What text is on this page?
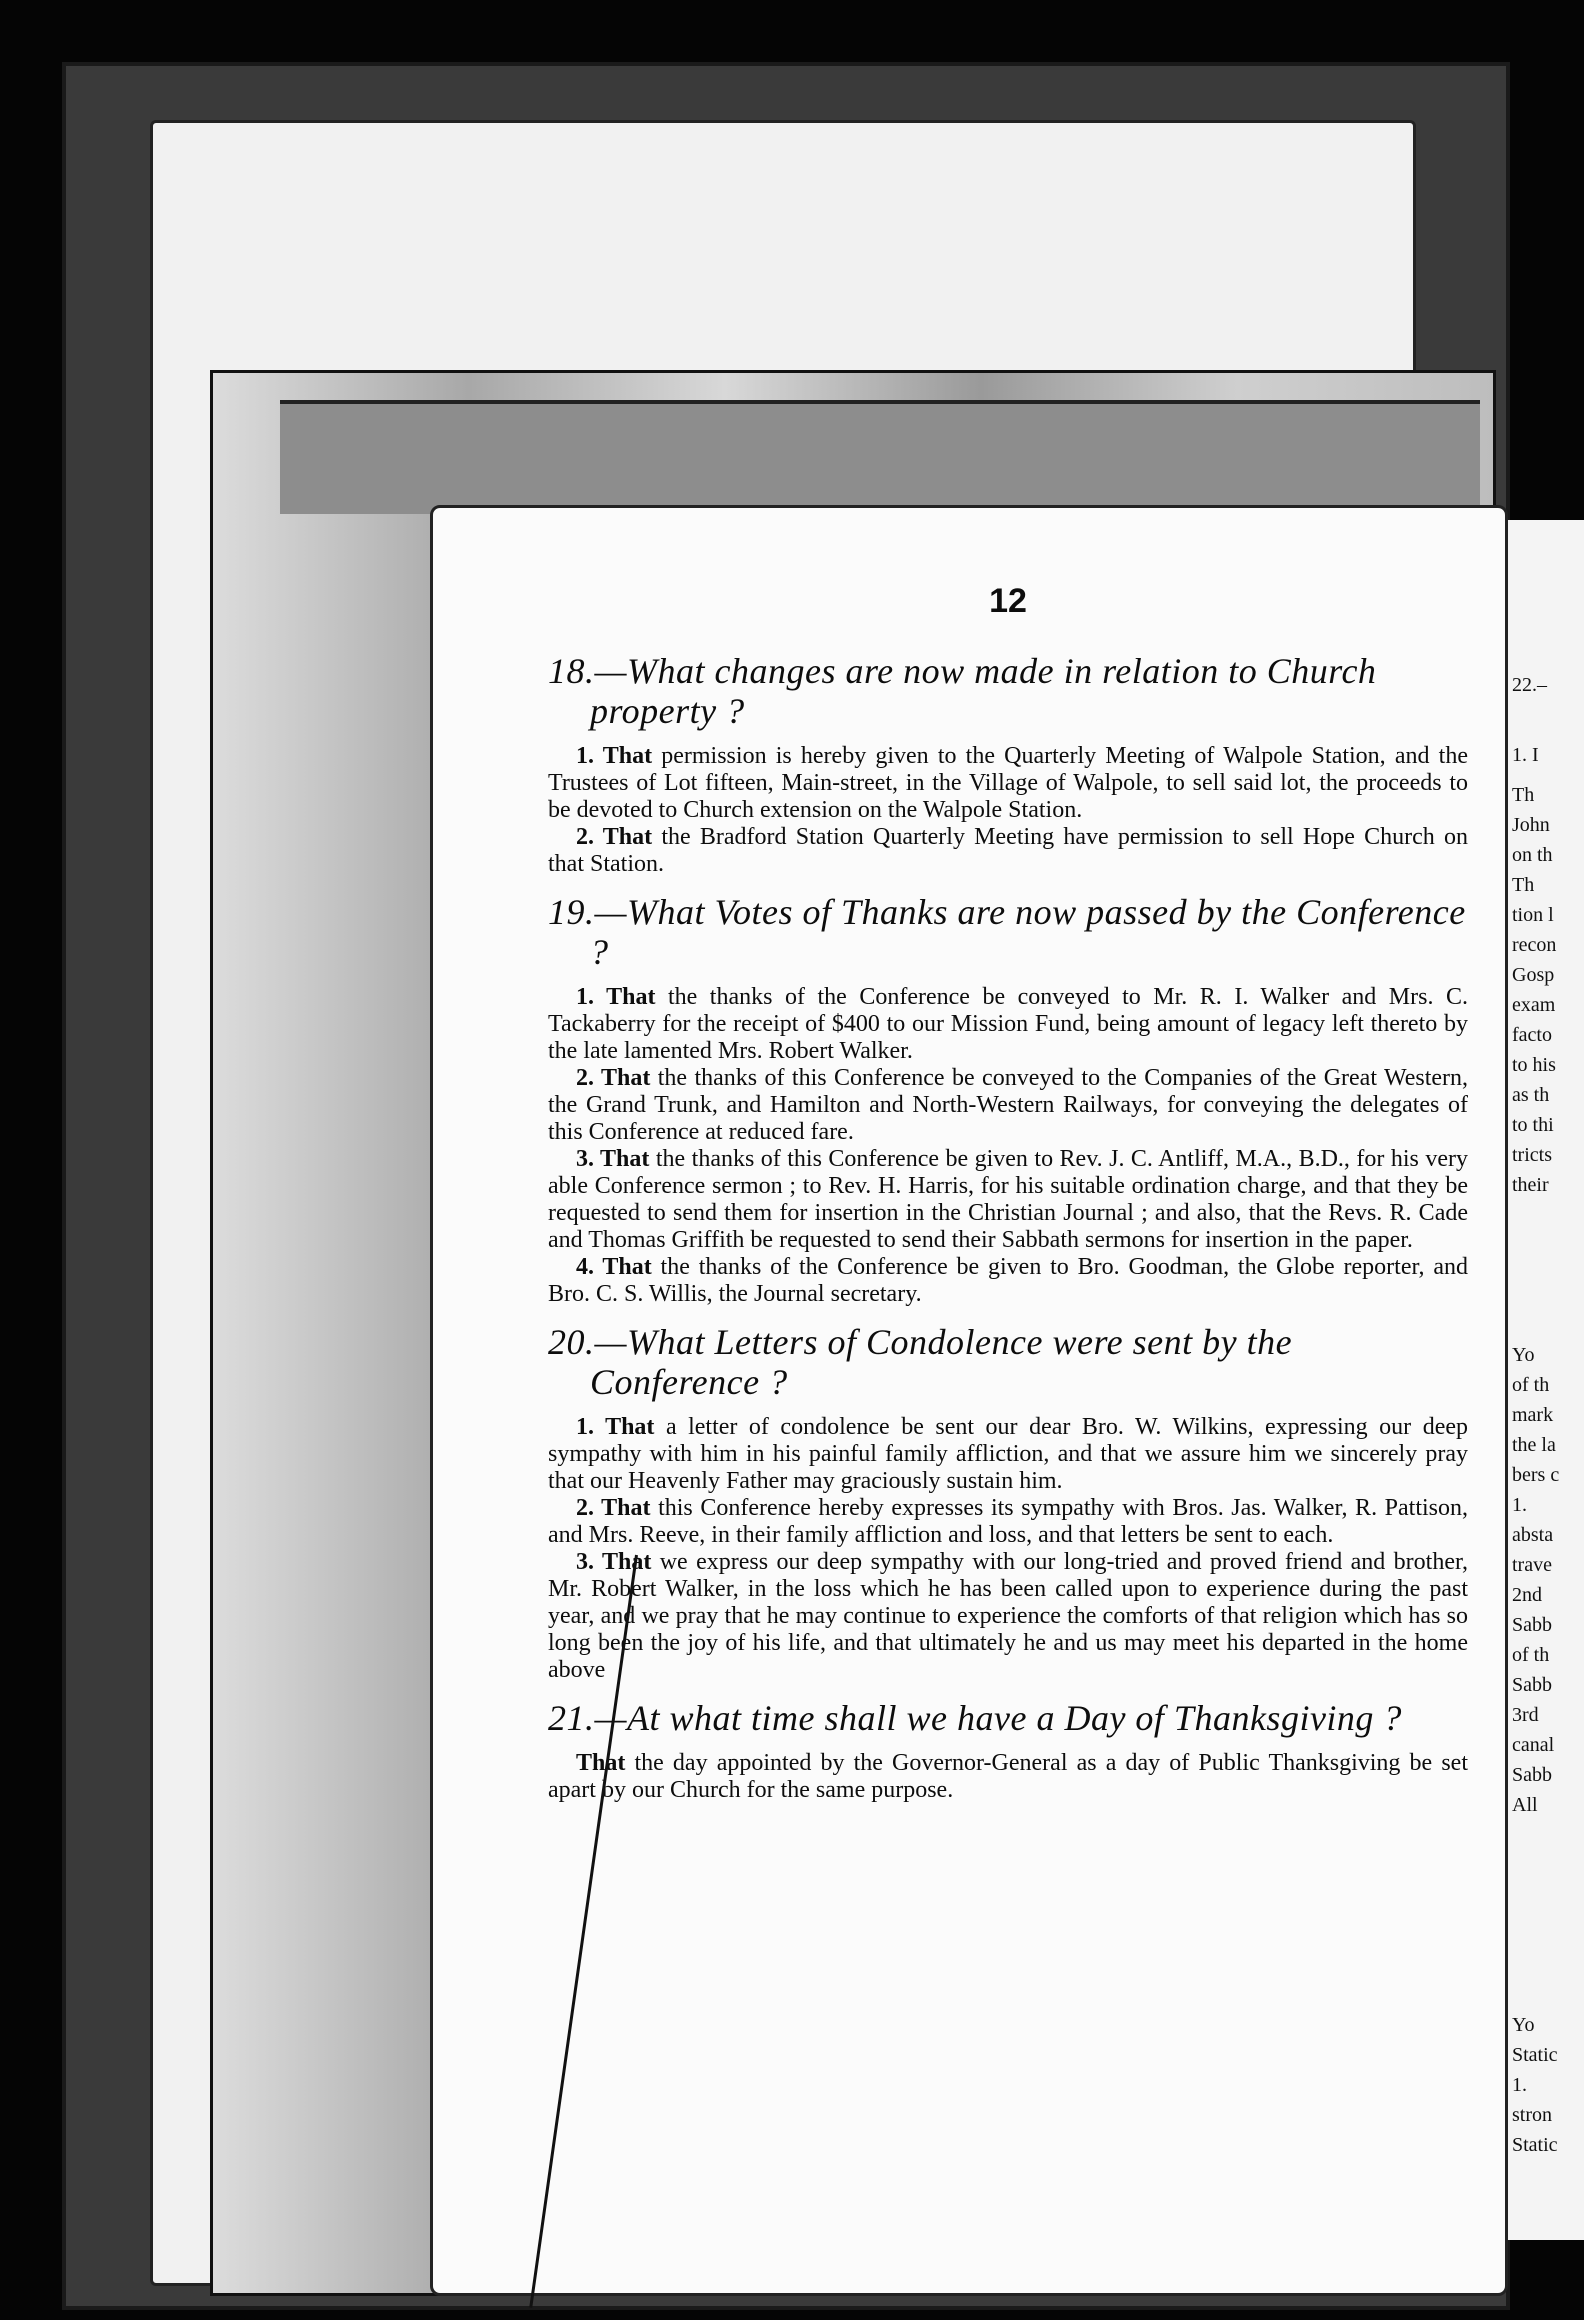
22.–
1. I
Th
John
on th
Th
tion l
recon
Gosp
exam
facto
to his
as th
to thi
tricts
their
Yo
of th
mark
the la
bers c
1.
absta
trave
2nd
Sabb
of th
Sabb
3rd
canal
Sabb
All
Yo
Static
1.
stron
Static
12
18.—What changes are now made in relation to Church property ?

1. That permission is hereby given to the Quarterly Meeting of Walpole Station, and the Trustees of Lot fifteen, Main-street, in the Village of Walpole, to sell said lot, the proceeds to be devoted to Church extension on the Walpole Station.

2. That the Bradford Station Quarterly Meeting have permission to sell Hope Church on that Station.

19.—What Votes of Thanks are now passed by the Conference ?

1. That the thanks of the Conference be conveyed to Mr. R. I. Walker and Mrs. C. Tackaberry for the receipt of $400 to our Mission Fund, being amount of legacy left thereto by the late lamented Mrs. Robert Walker.

2. That the thanks of this Conference be conveyed to the Companies of the Great Western, the Grand Trunk, and Hamilton and North-Western Railways, for conveying the delegates of this Conference at reduced fare.

3. That the thanks of this Conference be given to Rev. J. C. Antliff, M.A., B.D., for his very able Conference sermon ; to Rev. H. Harris, for his suitable ordination charge, and that they be requested to send them for insertion in the Christian Journal ; and also, that the Revs. R. Cade and Thomas Griffith be requested to send their Sabbath sermons for insertion in the paper.

4. That the thanks of the Conference be given to Bro. Goodman, the Globe reporter, and Bro. C. S. Willis, the Journal secretary.

20.—What Letters of Condolence were sent by the Conference ?

1. That a letter of condolence be sent our dear Bro. W. Wilkins, expressing our deep sympathy with him in his painful family affliction, and that we assure him we sincerely pray that our Heavenly Father may graciously sustain him.

2. That this Conference hereby expresses its sympathy with Bros. Jas. Walker, R. Pattison, and Mrs. Reeve, in their family affliction and loss, and that letters be sent to each.

3. That we express our deep sympathy with our long-tried and proved friend and brother, Mr. Robert Walker, in the loss which he has been called upon to experience during the past year, and we pray that he may continue to experience the comforts of that religion which has so long been the joy of his life, and that ultimately he and us may meet his departed in the home above

21.—At what time shall we have a Day of Thanksgiving ?

That the day appointed by the Governor-General as a day of Public Thanksgiving be set apart by our Church for the same purpose.
